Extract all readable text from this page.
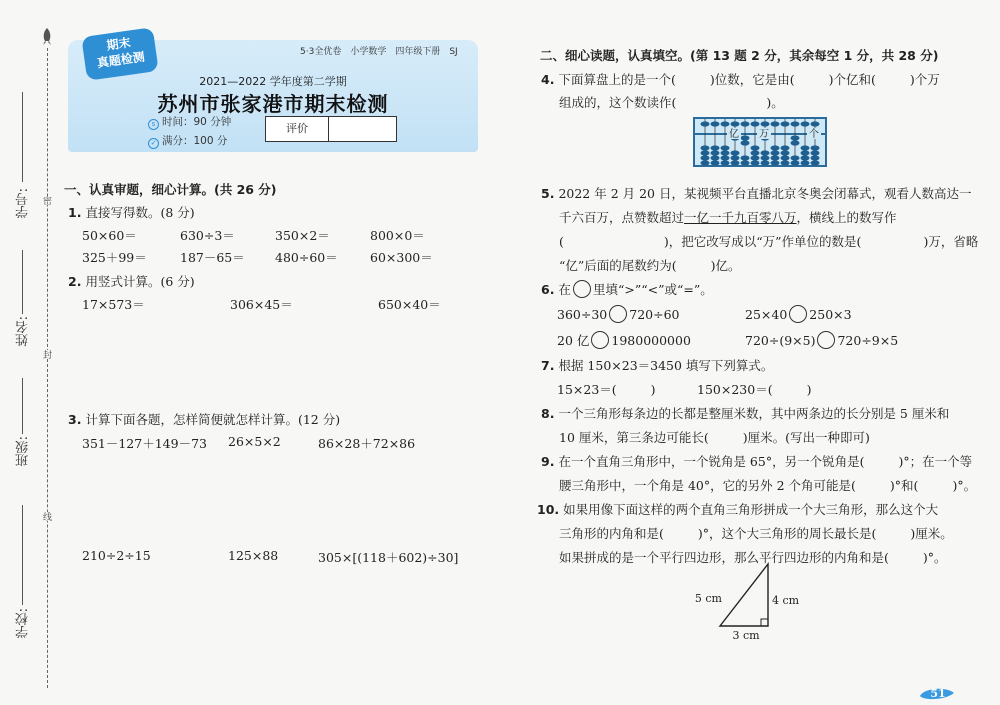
密
封
线
学号:
姓名:
班级:
学校:
期末
真题检测	5·3全优卷　小学数学　四年级下册　SJ
2021—2022 学年度第二学期
苏州市张家港市期末检测
s 时间：90 分钟
✓ 满分：100 分
评价
一、认真审题，细心计算。(共 26 分)
1. 直接写得数。(8 分)
50×60＝	630÷3＝	350×2＝	800×0＝
325＋99＝	187－65＝ 480÷60＝	60×300＝
2. 用竖式计算。(6 分)
17×573＝	306×45＝	650×40＝
3. 计算下面各题，怎样简便就怎样计算。(12 分)
351－127＋149－73 26×5×2	86×28＋72×86
210÷2÷15	125×88	305×[(118＋602)÷30]
二、细心读题，认真填空。(第 13 题 2 分，其余每空 1 分，共 28 分)
4. 下面算盘上的是一个(	)位数，它是由(	)个亿和(	)个万
组成的，这个数读作(	)。
亿 万	个
5. 2022 年 2 月 20 日，某视频平台直播北京冬奥会闭幕式，观看人数高达一
千六百万，点赞数超过一亿一千九百零八万，横线上的数写作
(	)，把它改写成以“万”作单位的数是(	)万，省略
“亿”后面的尾数约为(	)亿。
6. 在 里填“>”“<”或“=”。
360÷30 720÷60	25×40 250×3
20 亿 1980000000	720÷(9×5) 720÷9×5
7. 根据 150×23＝3450 填写下列算式。
15×23＝(	)	150×230＝(	)
8. 一个三角形每条边的长都是整厘米数，其中两条边的长分别是 5 厘米和
10 厘米，第三条边可能长(	)厘米。(写出一种即可)
9. 在一个直角三角形中，一个锐角是 65°，另一个锐角是(	)°；在一个等
腰三角形中，一个角是 40°，它的另外 2 个角可能是(	)°和(	)°。
10. 如果用像下面这样的两个直角三角形拼成一个大三角形，那么这个大
三角形的内角和是(	)°，这个大三角形的周长最长是(	)厘米。
如果拼成的是一个平行四边形，那么平行四边形的内角和是(	)°。
5 cm	4 cm
3 cm
51
